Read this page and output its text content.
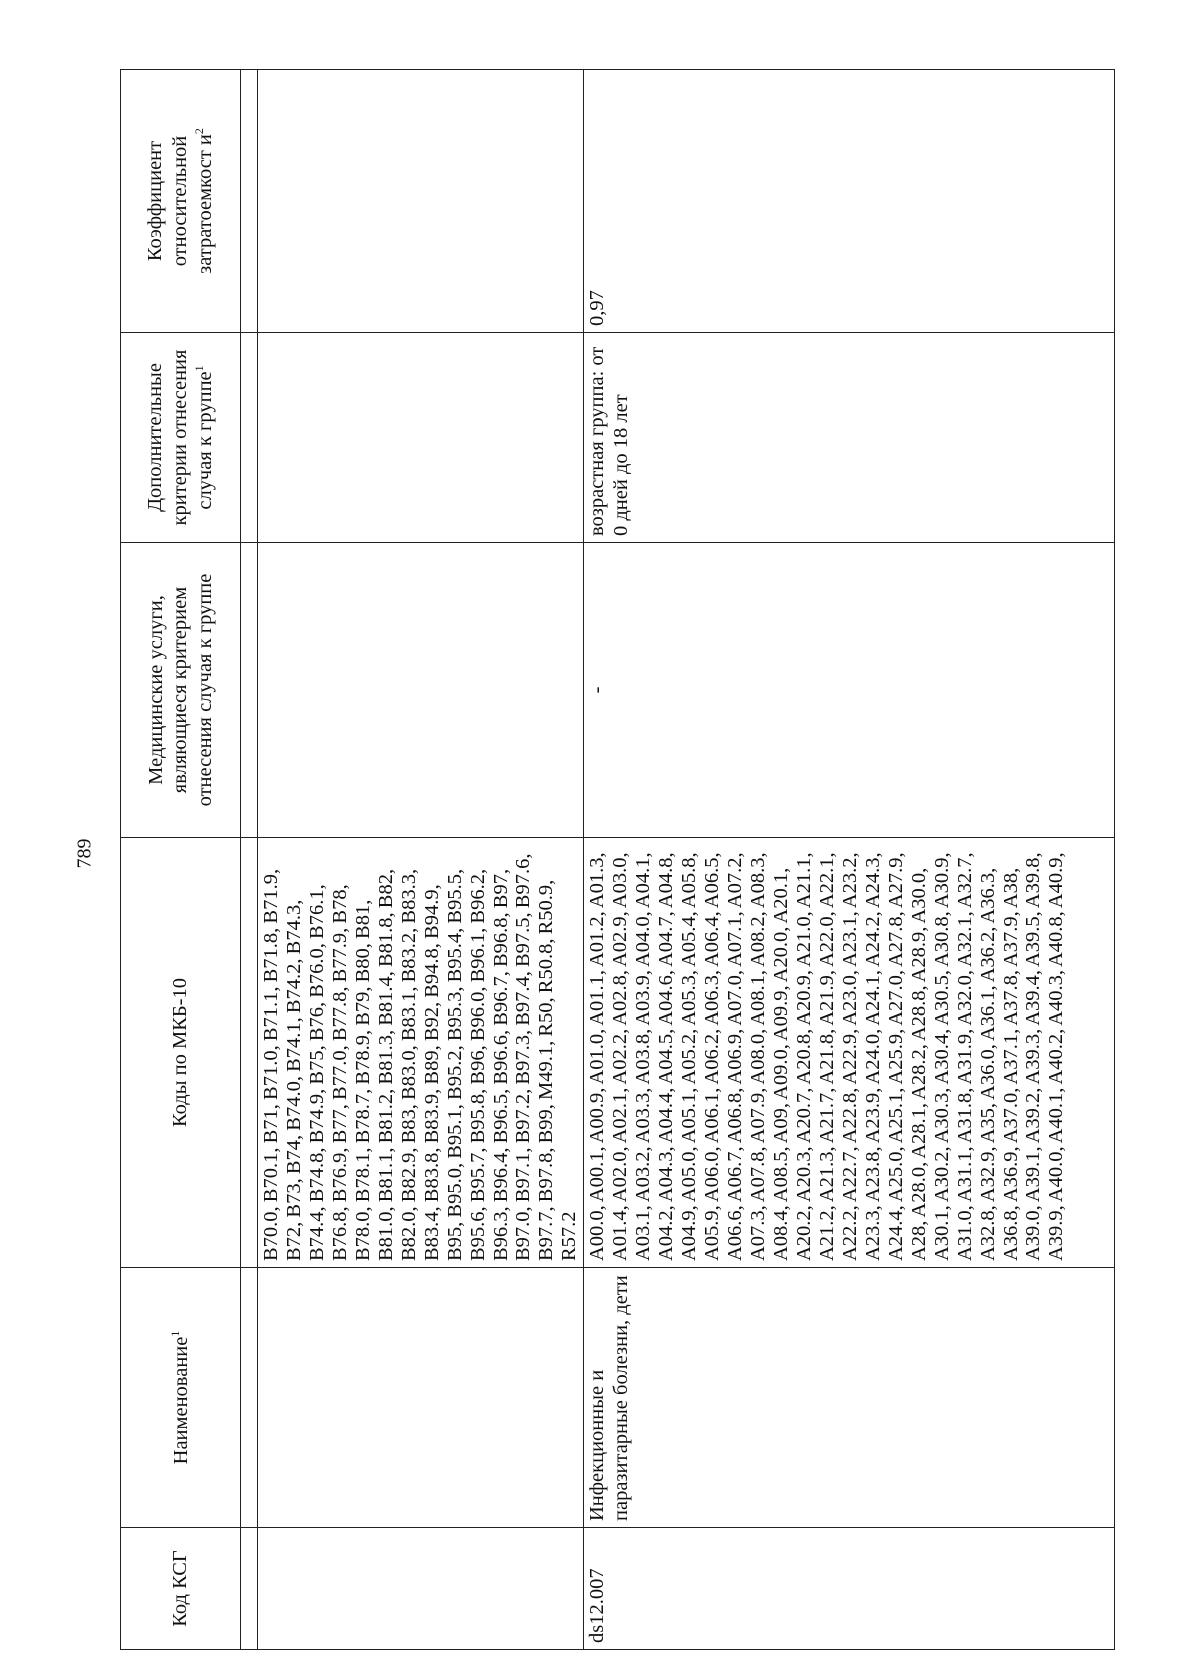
789
Код КСГ	Наименование$^1$	Коды по МКБ-10	Медицинские услуги, являющиеся критерием отнесения случая к группе	Дополнительные критерии отнесения случая к группе$^1$	Коэффициент относительной затратоемкост $и^2$

		B70.0, B70.1, B71, B71.0, B71.1, B71.8, B71.9, B72, B73, B74, B74.0, B74.1, B74.2, B74.3, B74.4, B74.8, B74.9, B75, B76, B76.0, B76.1, B76.8, B76.9, B77, B77.0, B77.8, B77.9, B78, B78.0, B78.1, B78.7, B78.9, B79, B80, B81, B81.0, B81.1, B81.2, B81.3, B81.4, B81.8, B82, B82.0, B82.9, B83, B83.0, B83.1, B83.2, B83.3, B83.4, B83.8, B83.9, B89, B92, B94.8, B94.9, B95, B95.0, B95.1, B95.2, B95.3, B95.4, B95.5, B95.6, B95.7, B95.8, B96, B96.0, B96.1, B96.2, B96.3, B96.4, B96.5, B96.6, B96.7, B96.8, B97, B97.0, B97.1, B97.2, B97.3, B97.4, B97.5, B97.6, B97.7, B97.8, B99, M49.1, R50, R50.8, R50.9, R57.2			
ds12.007	Инфекционные и паразитарные болезни, дети	A00.0, A00.1, A00.9, A01.0, A01.1, A01.2, A01.3, A01.4, A02.0, A02.1, A02.2, A02.8, A02.9, A03.0, A03.1, A03.2, A03.3, A03.8, A03.9, A04.0, A04.1, A04.2, A04.3, A04.4, A04.5, A04.6, A04.7, A04.8, A04.9, A05.0, A05.1, A05.2, A05.3, A05.4, A05.8, A05.9, A06.0, A06.1, A06.2, A06.3, A06.4, A06.5, A06.6, A06.7, A06.8, A06.9, A07.0, A07.1, A07.2, A07.3, A07.8, A07.9, A08.0, A08.1, A08.2, A08.3, A08.4, A08.5, A09, A09.0, A09.9, A20.0, A20.1, A20.2, A20.3, A20.7, A20.8, A20.9, A21.0, A21.1, A21.2, A21.3, A21.7, A21.8, A21.9, A22.0, A22.1, A22.2, A22.7, A22.8, A22.9, A23.0, A23.1, A23.2, A23.3, A23.8, A23.9, A24.0, A24.1, A24.2, A24.3, A24.4, A25.0, A25.1, A25.9, A27.0, A27.8, A27.9, A28, A28.0, A28.1, A28.2, A28.8, A28.9, A30.0, A30.1, A30.2, A30.3, A30.4, A30.5, A30.8, A30.9, A31.0, A31.1, A31.8, A31.9, A32.0, A32.1, A32.7, A32.8, A32.9, A35, A36.0, A36.1, A36.2, A36.3, A36.8, A36.9, A37.0, A37.1, A37.8, A37.9, A38, A39.0, A39.1, A39.2, A39.3, A39.4, A39.5, A39.8, A39.9, A40.0, A40.1, A40.2, A40.3, A40.8, A40.9,	-	возрастная группа: от 0 дней до 18 лет	0,97
